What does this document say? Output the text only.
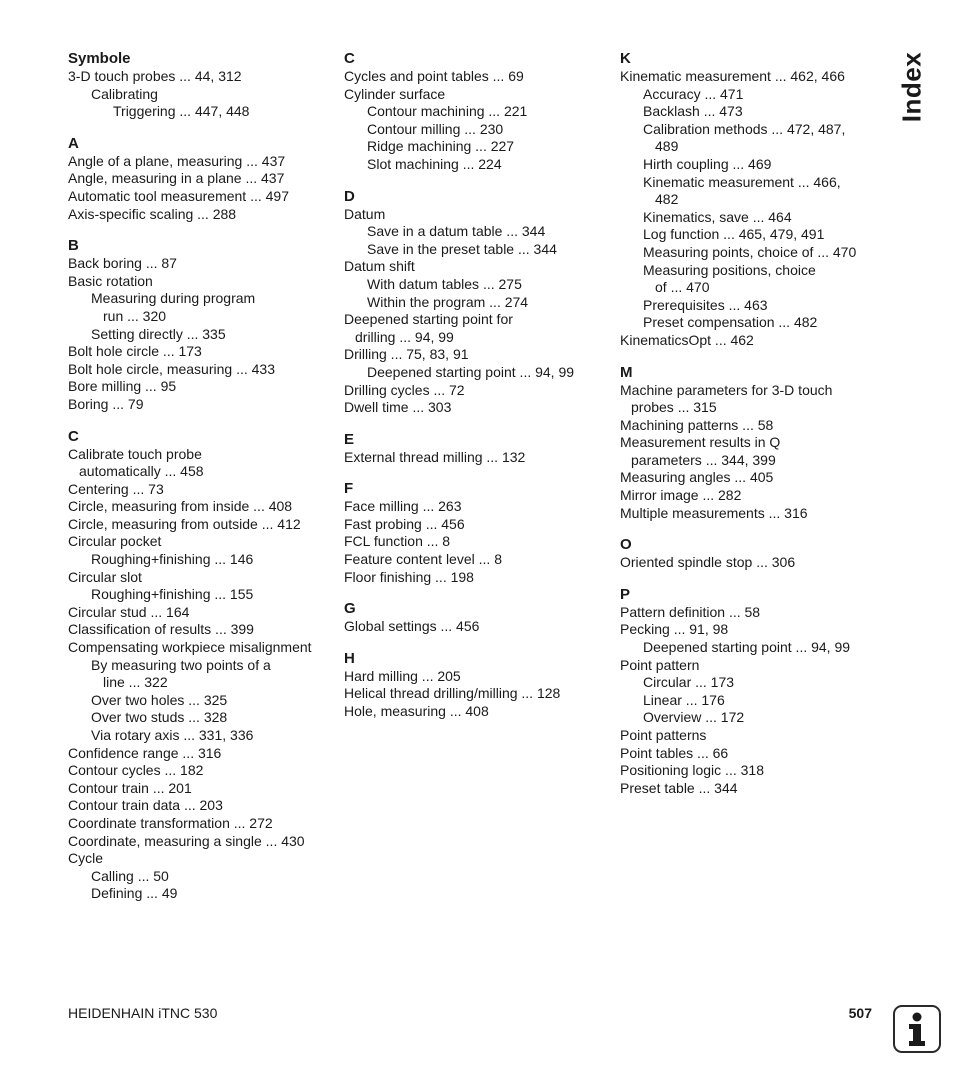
Symbole
3-D touch probes ... 44, 312
Calibrating
Triggering ... 447, 448
A
Angle of a plane, measuring ... 437
Angle, measuring in a plane ... 437
Automatic tool measurement ... 497
Axis-specific scaling ... 288
B
Back boring ... 87
Basic rotation
Measuring during program
run ... 320
Setting directly ... 335
Bolt hole circle ... 173
Bolt hole circle, measuring ... 433
Bore milling ... 95
Boring ... 79
C
Calibrate touch probe
automatically ... 458
Centering ... 73
Circle, measuring from inside ... 408
Circle, measuring from outside ... 412
Circular pocket
Roughing+finishing ... 146
Circular slot
Roughing+finishing ... 155
Circular stud ... 164
Classification of results ... 399
Compensating workpiece misalignment
By measuring two points of a
line ... 322
Over two holes ... 325
Over two studs ... 328
Via rotary axis ... 331, 336
Confidence range ... 316
Contour cycles ... 182
Contour train ... 201
Contour train data ... 203
Coordinate transformation ... 272
Coordinate, measuring a single ... 430
Cycle
Calling ... 50
Defining ... 49
C
Cycles and point tables ... 69
Cylinder surface
Contour machining ... 221
Contour milling ... 230
Ridge machining ... 227
Slot machining ... 224
D
Datum
Save in a datum table ... 344
Save in the preset table ... 344
Datum shift
With datum tables ... 275
Within the program ... 274
Deepened starting point for
drilling ... 94, 99
Drilling ... 75, 83, 91
Deepened starting point ... 94, 99
Drilling cycles ... 72
Dwell time ... 303
E
External thread milling ... 132
F
Face milling ... 263
Fast probing ... 456
FCL function ... 8
Feature content level ... 8
Floor finishing ... 198
G
Global settings ... 456
H
Hard milling ... 205
Helical thread drilling/milling ... 128
Hole, measuring ... 408
K
Kinematic measurement ... 462, 466
Accuracy ... 471
Backlash ... 473
Calibration methods ... 472, 487,
489
Hirth coupling ... 469
Kinematic measurement ... 466,
482
Kinematics, save ... 464
Log function ... 465, 479, 491
Measuring points, choice of ... 470
Measuring positions, choice
of ... 470
Prerequisites ... 463
Preset compensation ... 482
KinematicsOpt ... 462
M
Machine parameters for 3-D touch
probes ... 315
Machining patterns ... 58
Measurement results in Q
parameters ... 344, 399
Measuring angles ... 405
Mirror image ... 282
Multiple measurements ... 316
O
Oriented spindle stop ... 306
P
Pattern definition ... 58
Pecking ... 91, 98
Deepened starting point ... 94, 99
Point pattern
Circular ... 173
Linear ... 176
Overview ... 172
Point patterns
Point tables ... 66
Positioning logic ... 318
Preset table ... 344
Index
HEIDENHAIN iTNC 530	507
